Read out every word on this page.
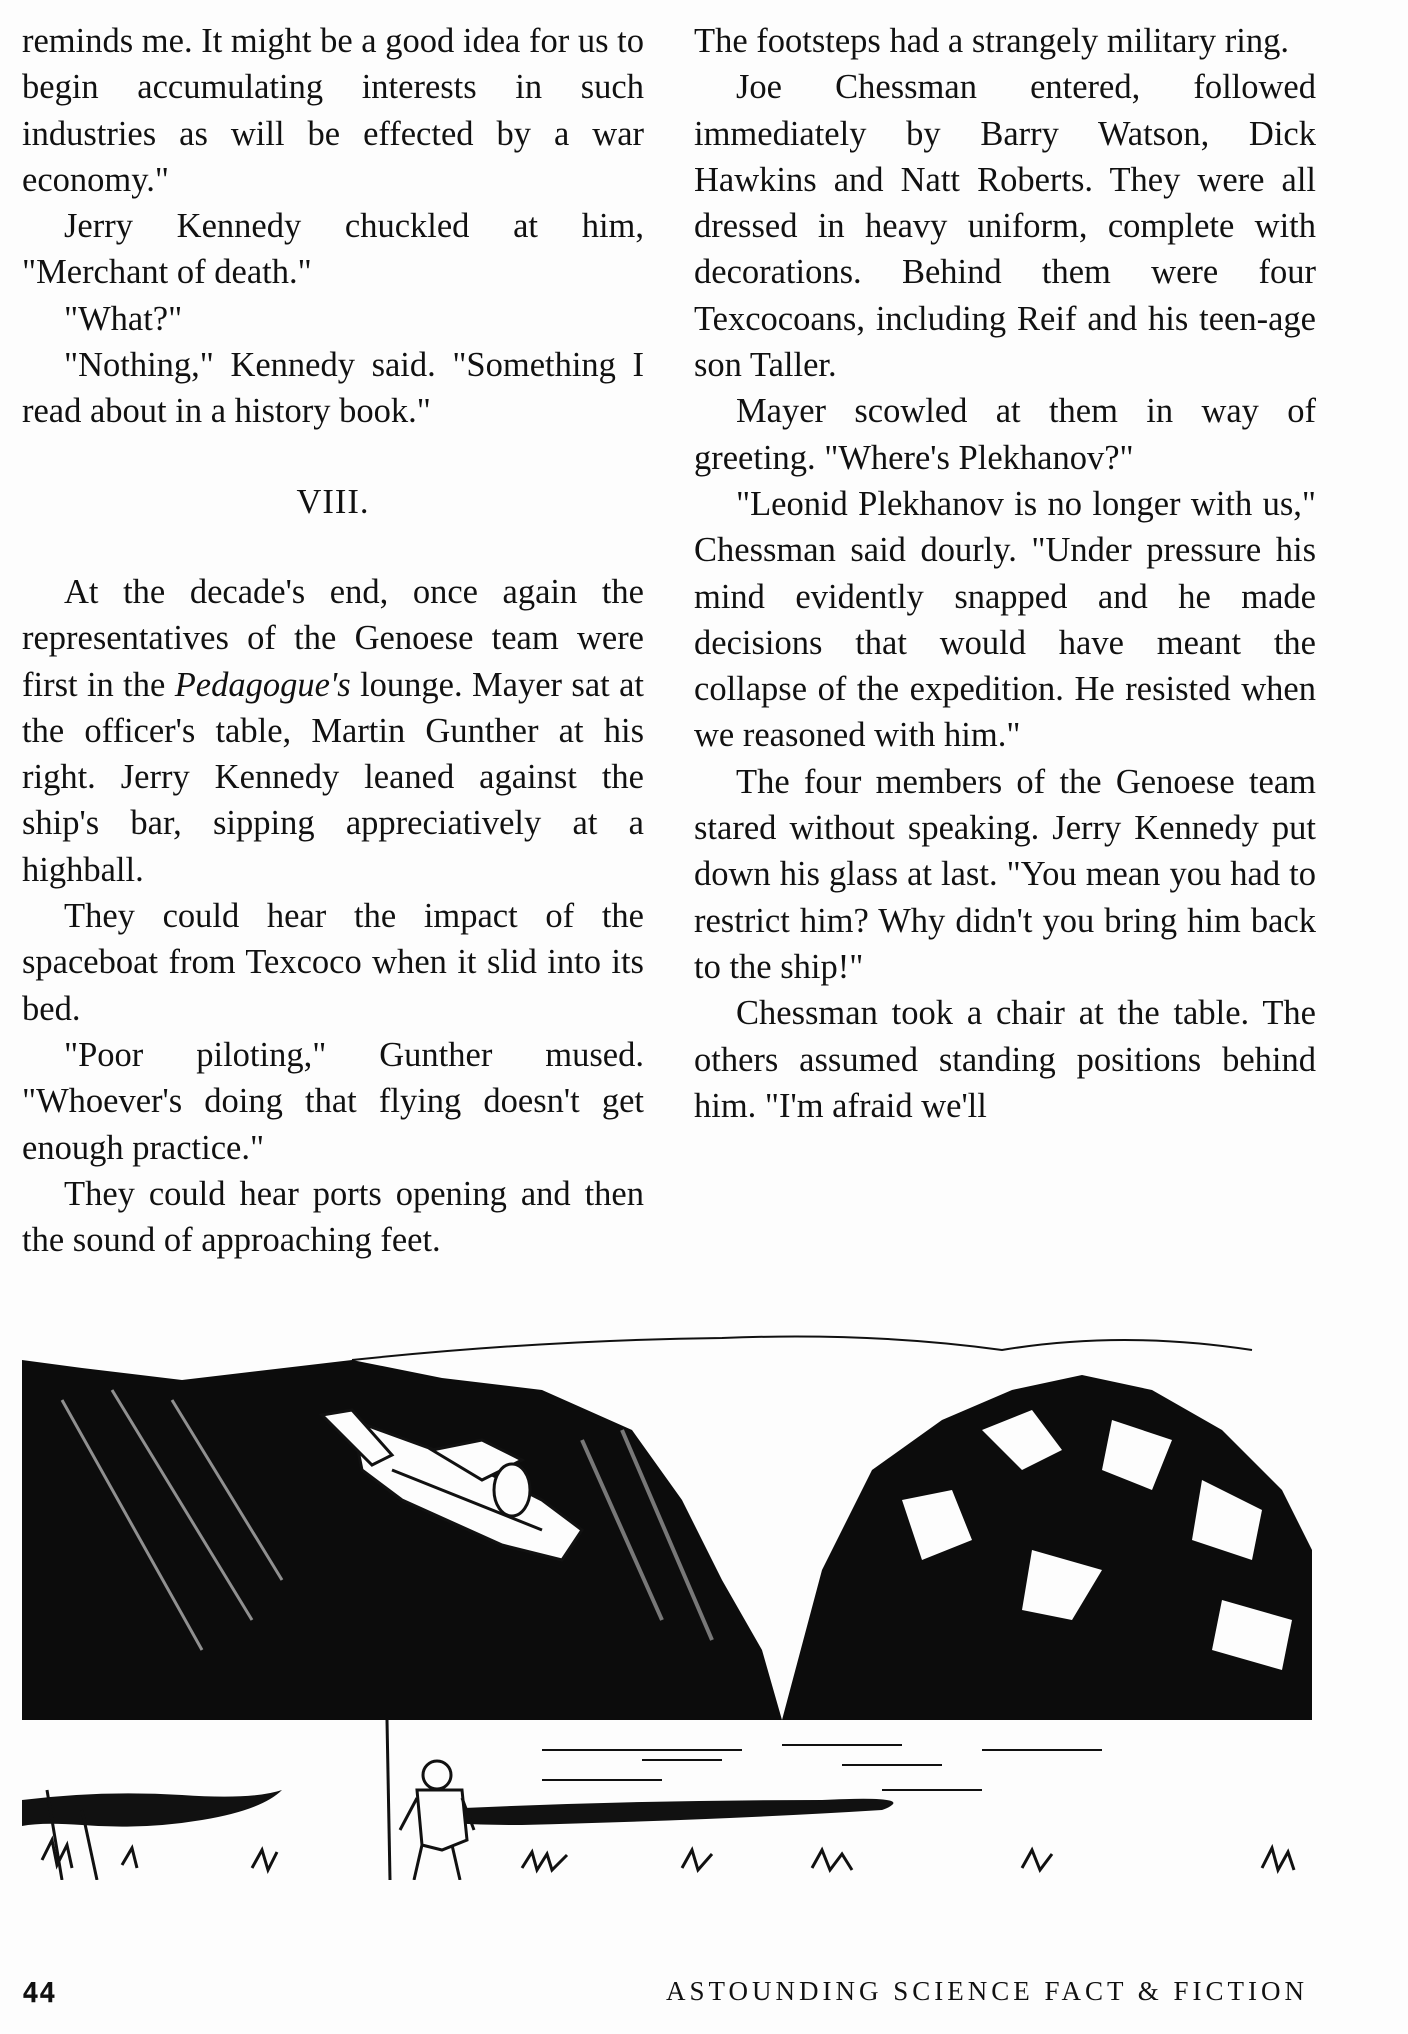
reminds me. It might be a good idea for us to begin accumulating interests in such industries as will be effected by a war economy."

Jerry Kennedy chuckled at him, "Merchant of death."

"What?"

"Nothing," Kennedy said. "Something I read about in a history book."

VIII.

At the decade's end, once again the representatives of the Genoese team were first in the Pedagogue's lounge. Mayer sat at the officer's table, Martin Gunther at his right. Jerry Kennedy leaned against the ship's bar, sipping appreciatively at a highball.

They could hear the impact of the spaceboat from Texcoco when it slid into its bed.

"Poor piloting," Gunther mused. "Whoever's doing that flying doesn't get enough practice."

They could hear ports opening and then the sound of approaching feet.

The footsteps had a strangely military ring.

Joe Chessman entered, followed immediately by Barry Watson, Dick Hawkins and Natt Roberts. They were all dressed in heavy uniform, complete with decorations. Behind them were four Texcocoans, including Reif and his teen-age son Taller.

Mayer scowled at them in way of greeting. "Where's Plekhanov?"

"Leonid Plekhanov is no longer with us," Chessman said dourly. "Under pressure his mind evidently snapped and he made decisions that would have meant the collapse of the expedition. He resisted when we reasoned with him."

The four members of the Genoese team stared without speaking. Jerry Kennedy put down his glass at last. "You mean you had to restrict him? Why didn't you bring him back to the ship!"

Chessman took a chair at the table. The others assumed standing positions behind him. "I'm afraid we'll

44	ASTOUNDING SCIENCE FACT & FICTION
